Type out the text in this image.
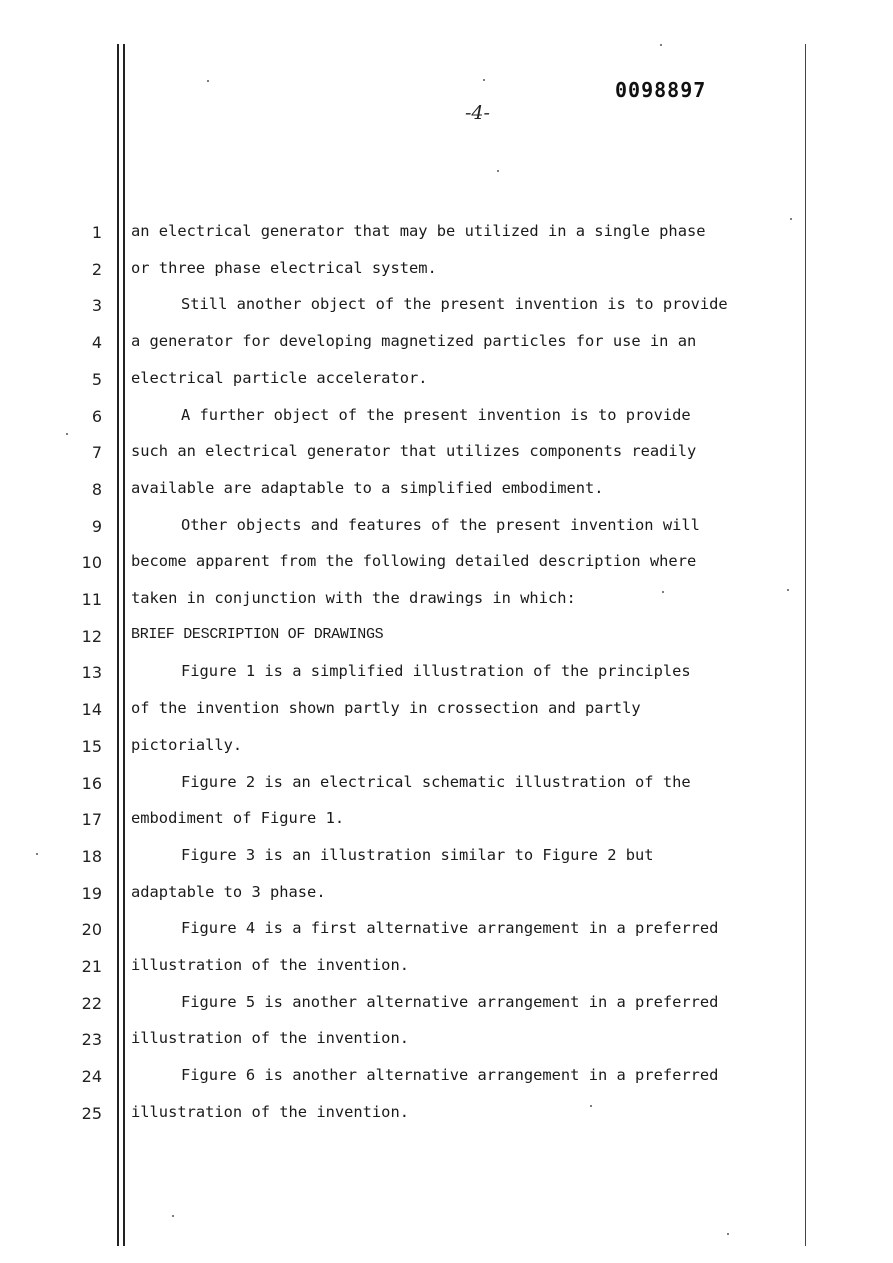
0098897
-4-
1
2
3
4
5
6
7
8
9
10
11
12
13
14
15
16
17
18
19
20
21
22
23
24
25
an electrical generator that may be utilized in a single phase
or three phase electrical system.
Still another object of the present invention is to provide
a generator for developing magnetized particles for use in an
electrical particle accelerator.
A further object of the present invention is to provide
such an electrical generator that utilizes components readily
available are adaptable to a simplified embodiment.
Other objects and features of the present invention will
become apparent from the following detailed description where
taken in conjunction with the drawings in which:
BRIEF DESCRIPTION OF DRAWINGS
Figure 1 is a simplified illustration of the principles
of the invention shown partly in crossection and partly
pictorially.
Figure 2 is an electrical schematic illustration of the
embodiment of Figure 1.
Figure 3 is an illustration similar to Figure 2 but
adaptable to 3 phase.
Figure 4 is a first alternative arrangement in a preferred
illustration of the invention.
Figure 5 is another alternative arrangement in a preferred
illustration of the invention.
Figure 6 is another alternative arrangement in a preferred
illustration of the invention.
